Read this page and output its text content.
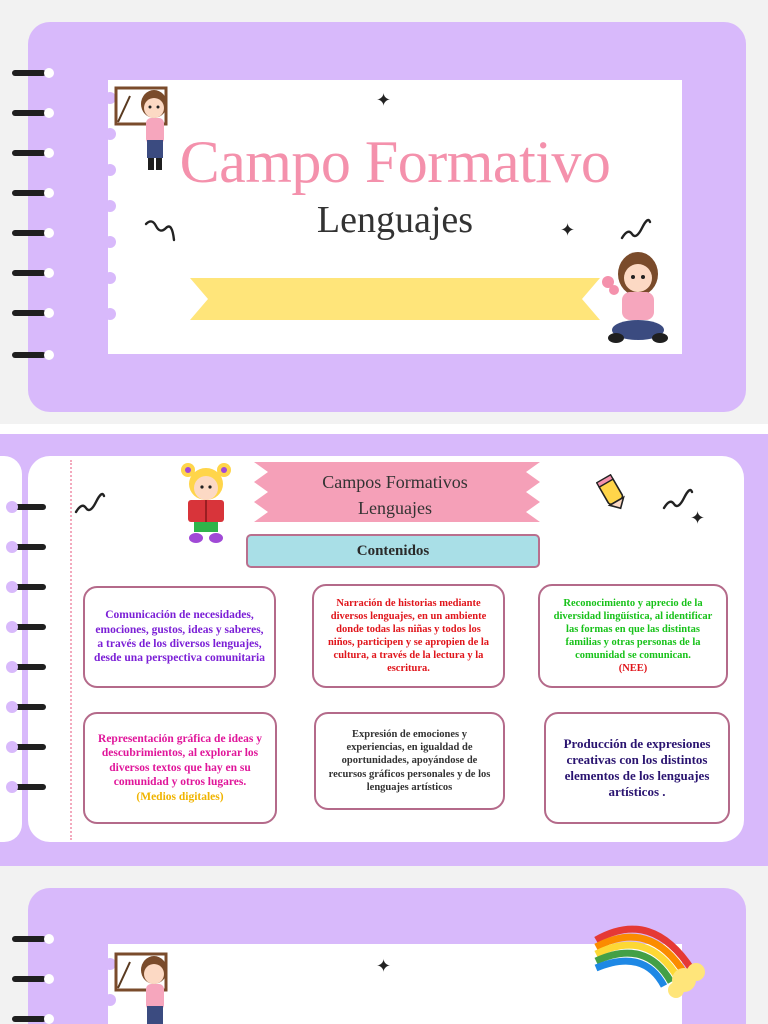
Campo Formativo
Lenguajes
✦
✦
✦
Campos Formativos
Lenguajes
Contenidos

Comunicación de necesidades, emociones, gustos, ideas y saberes, a través de los diversos lenguajes, desde una perspectiva comunitaria

Narración de historias mediante diversos lenguajes, en un ambiente donde todas las niñas y todos los niños, participen y se apropien de la cultura, a través de la lectura y la escritura.

Reconocimiento y aprecio de la diversidad lingüística, al identificar las formas en que las distintas familias y otras personas de la comunidad se comunican.

(NEE)

Representación gráfica de ideas y descubrimientos, al explorar los diversos textos que hay en su comunidad y otros lugares.

(Medios digitales)

Expresión de emociones y experiencias, en igualdad de oportunidades, apoyándose de recursos gráficos personales y de los lenguajes artísticos

Producción de expresiones creativas con los distintos elementos de los lenguajes artísticos .

✦
